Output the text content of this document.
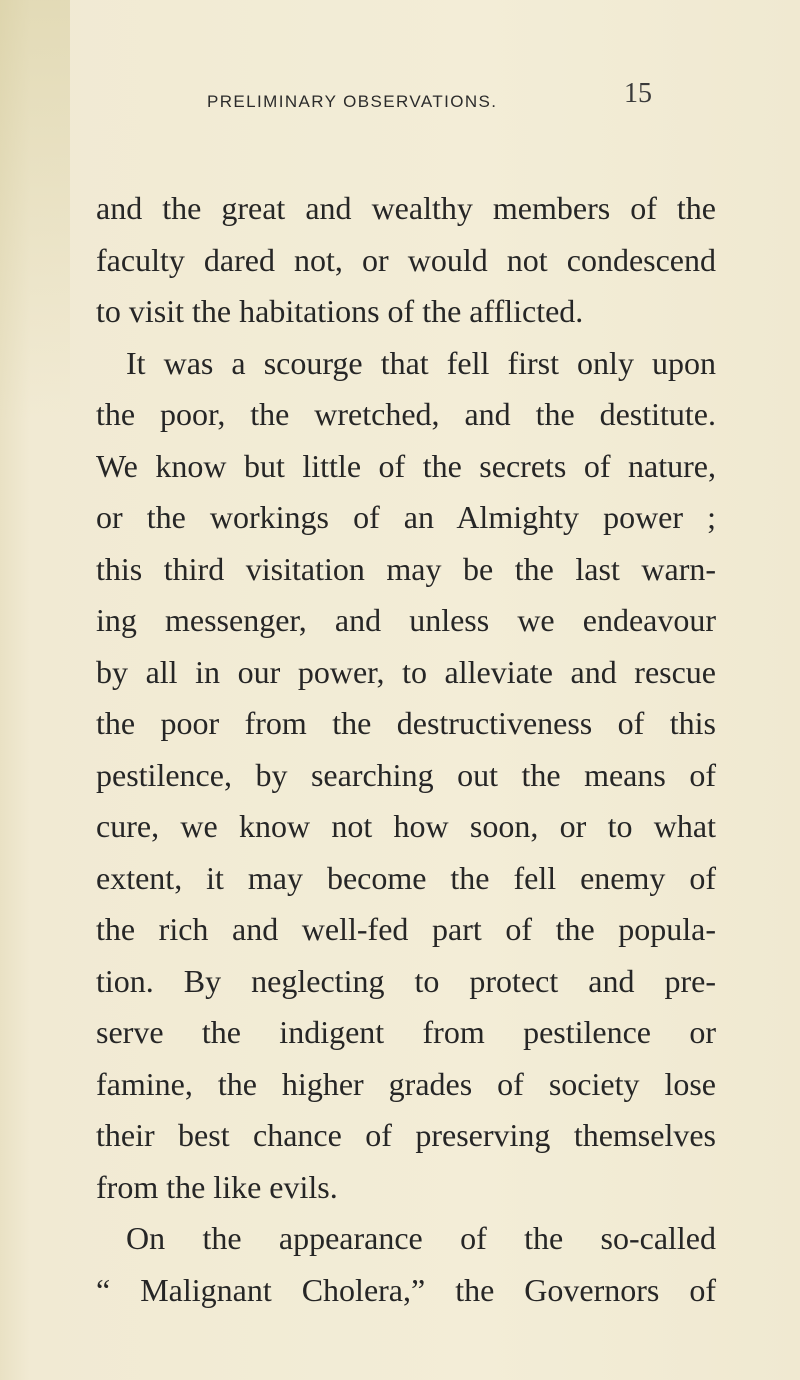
PRELIMINARY OBSERVATIONS.	15
and the great and wealthy members of the
faculty dared not, or would not condescend
to visit the habitations of the afflicted.
It was a scourge that fell first only upon
the poor, the wretched, and the destitute.
We know but little of the secrets of nature,
or the workings of an Almighty power ;
this third visitation may be the last warn-
ing messenger, and unless we endeavour
by all in our power, to alleviate and rescue
the poor from the destructiveness of this
pestilence, by searching out the means of
cure, we know not how soon, or to what
extent, it may become the fell enemy of
the rich and well-fed part of the popula-
tion. By neglecting to protect and pre-
serve the indigent from pestilence or
famine, the higher grades of society lose
their best chance of preserving themselves
from the like evils.
On the appearance of the so-called
“ Malignant Cholera,” the Governors of
